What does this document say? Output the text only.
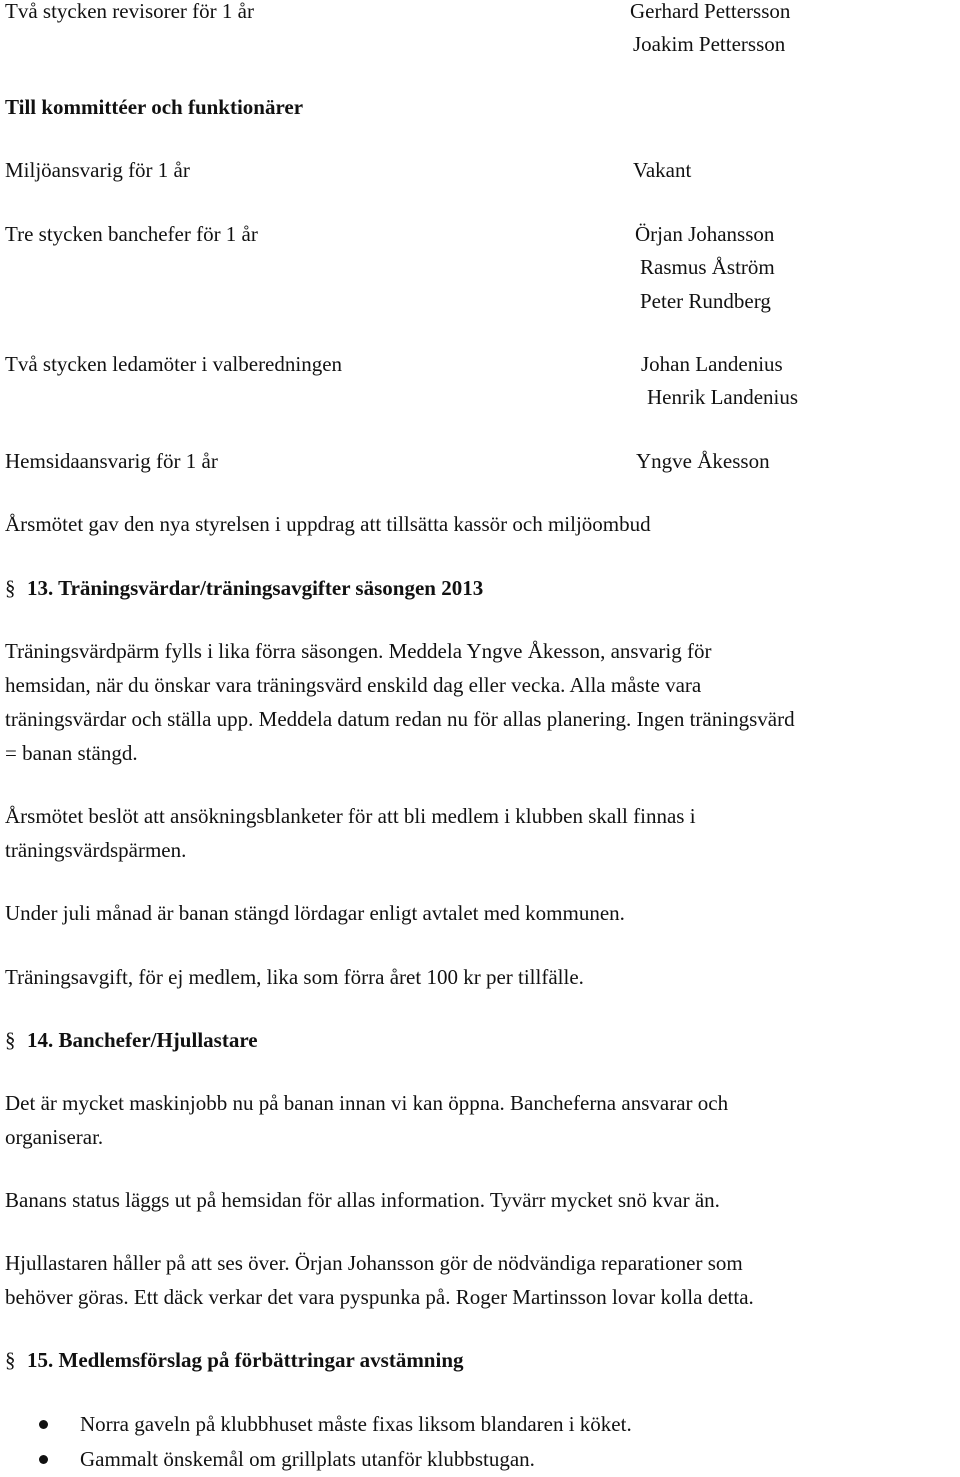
Två stycken revisorer för 1 år	Gerhard Pettersson
Joakim Pettersson
Till kommittéer och funktionärer
Miljöansvarig för 1 år	Vakant
Tre stycken banchefer för 1 år	Örjan Johansson
Rasmus Åström
Peter Rundberg
Två stycken ledamöter i valberedningen	Johan Landenius
Henrik Landenius
Hemsidaansvarig för 1 år	Yngve Åkesson
Årsmötet gav den nya styrelsen i uppdrag att tillsätta kassör och miljöombud
§ 13. Träningsvärdar/träningsavgifter säsongen 2013
Träningsvärdpärm fylls i lika förra säsongen. Meddela Yngve Åkesson, ansvarig för
hemsidan, när du önskar vara träningsvärd enskild dag eller vecka. Alla måste vara
träningsvärdar och ställa upp. Meddela datum redan nu för allas planering. Ingen träningsvärd
= banan stängd.
Årsmötet beslöt att ansökningsblanketer för att bli medlem i klubben skall finnas i
träningsvärdspärmen.
Under juli månad är banan stängd lördagar enligt avtalet med kommunen.
Träningsavgift, för ej medlem, lika som förra året 100 kr per tillfälle.
§ 14. Banchefer/Hjullastare
Det är mycket maskinjobb nu på banan innan vi kan öppna. Bancheferna ansvarar och
organiserar.
Banans status läggs ut på hemsidan för allas information. Tyvärr mycket snö kvar än.
Hjullastaren håller på att ses över. Örjan Johansson gör de nödvändiga reparationer som
behöver göras. Ett däck verkar det vara pyspunka på. Roger Martinsson lovar kolla detta.
§ 15. Medlemsförslag på förbättringar avstämning
Norra gaveln på klubbhuset måste fixas liksom blandaren i köket.
Gammalt önskemål om grillplats utanför klubbstugan.
